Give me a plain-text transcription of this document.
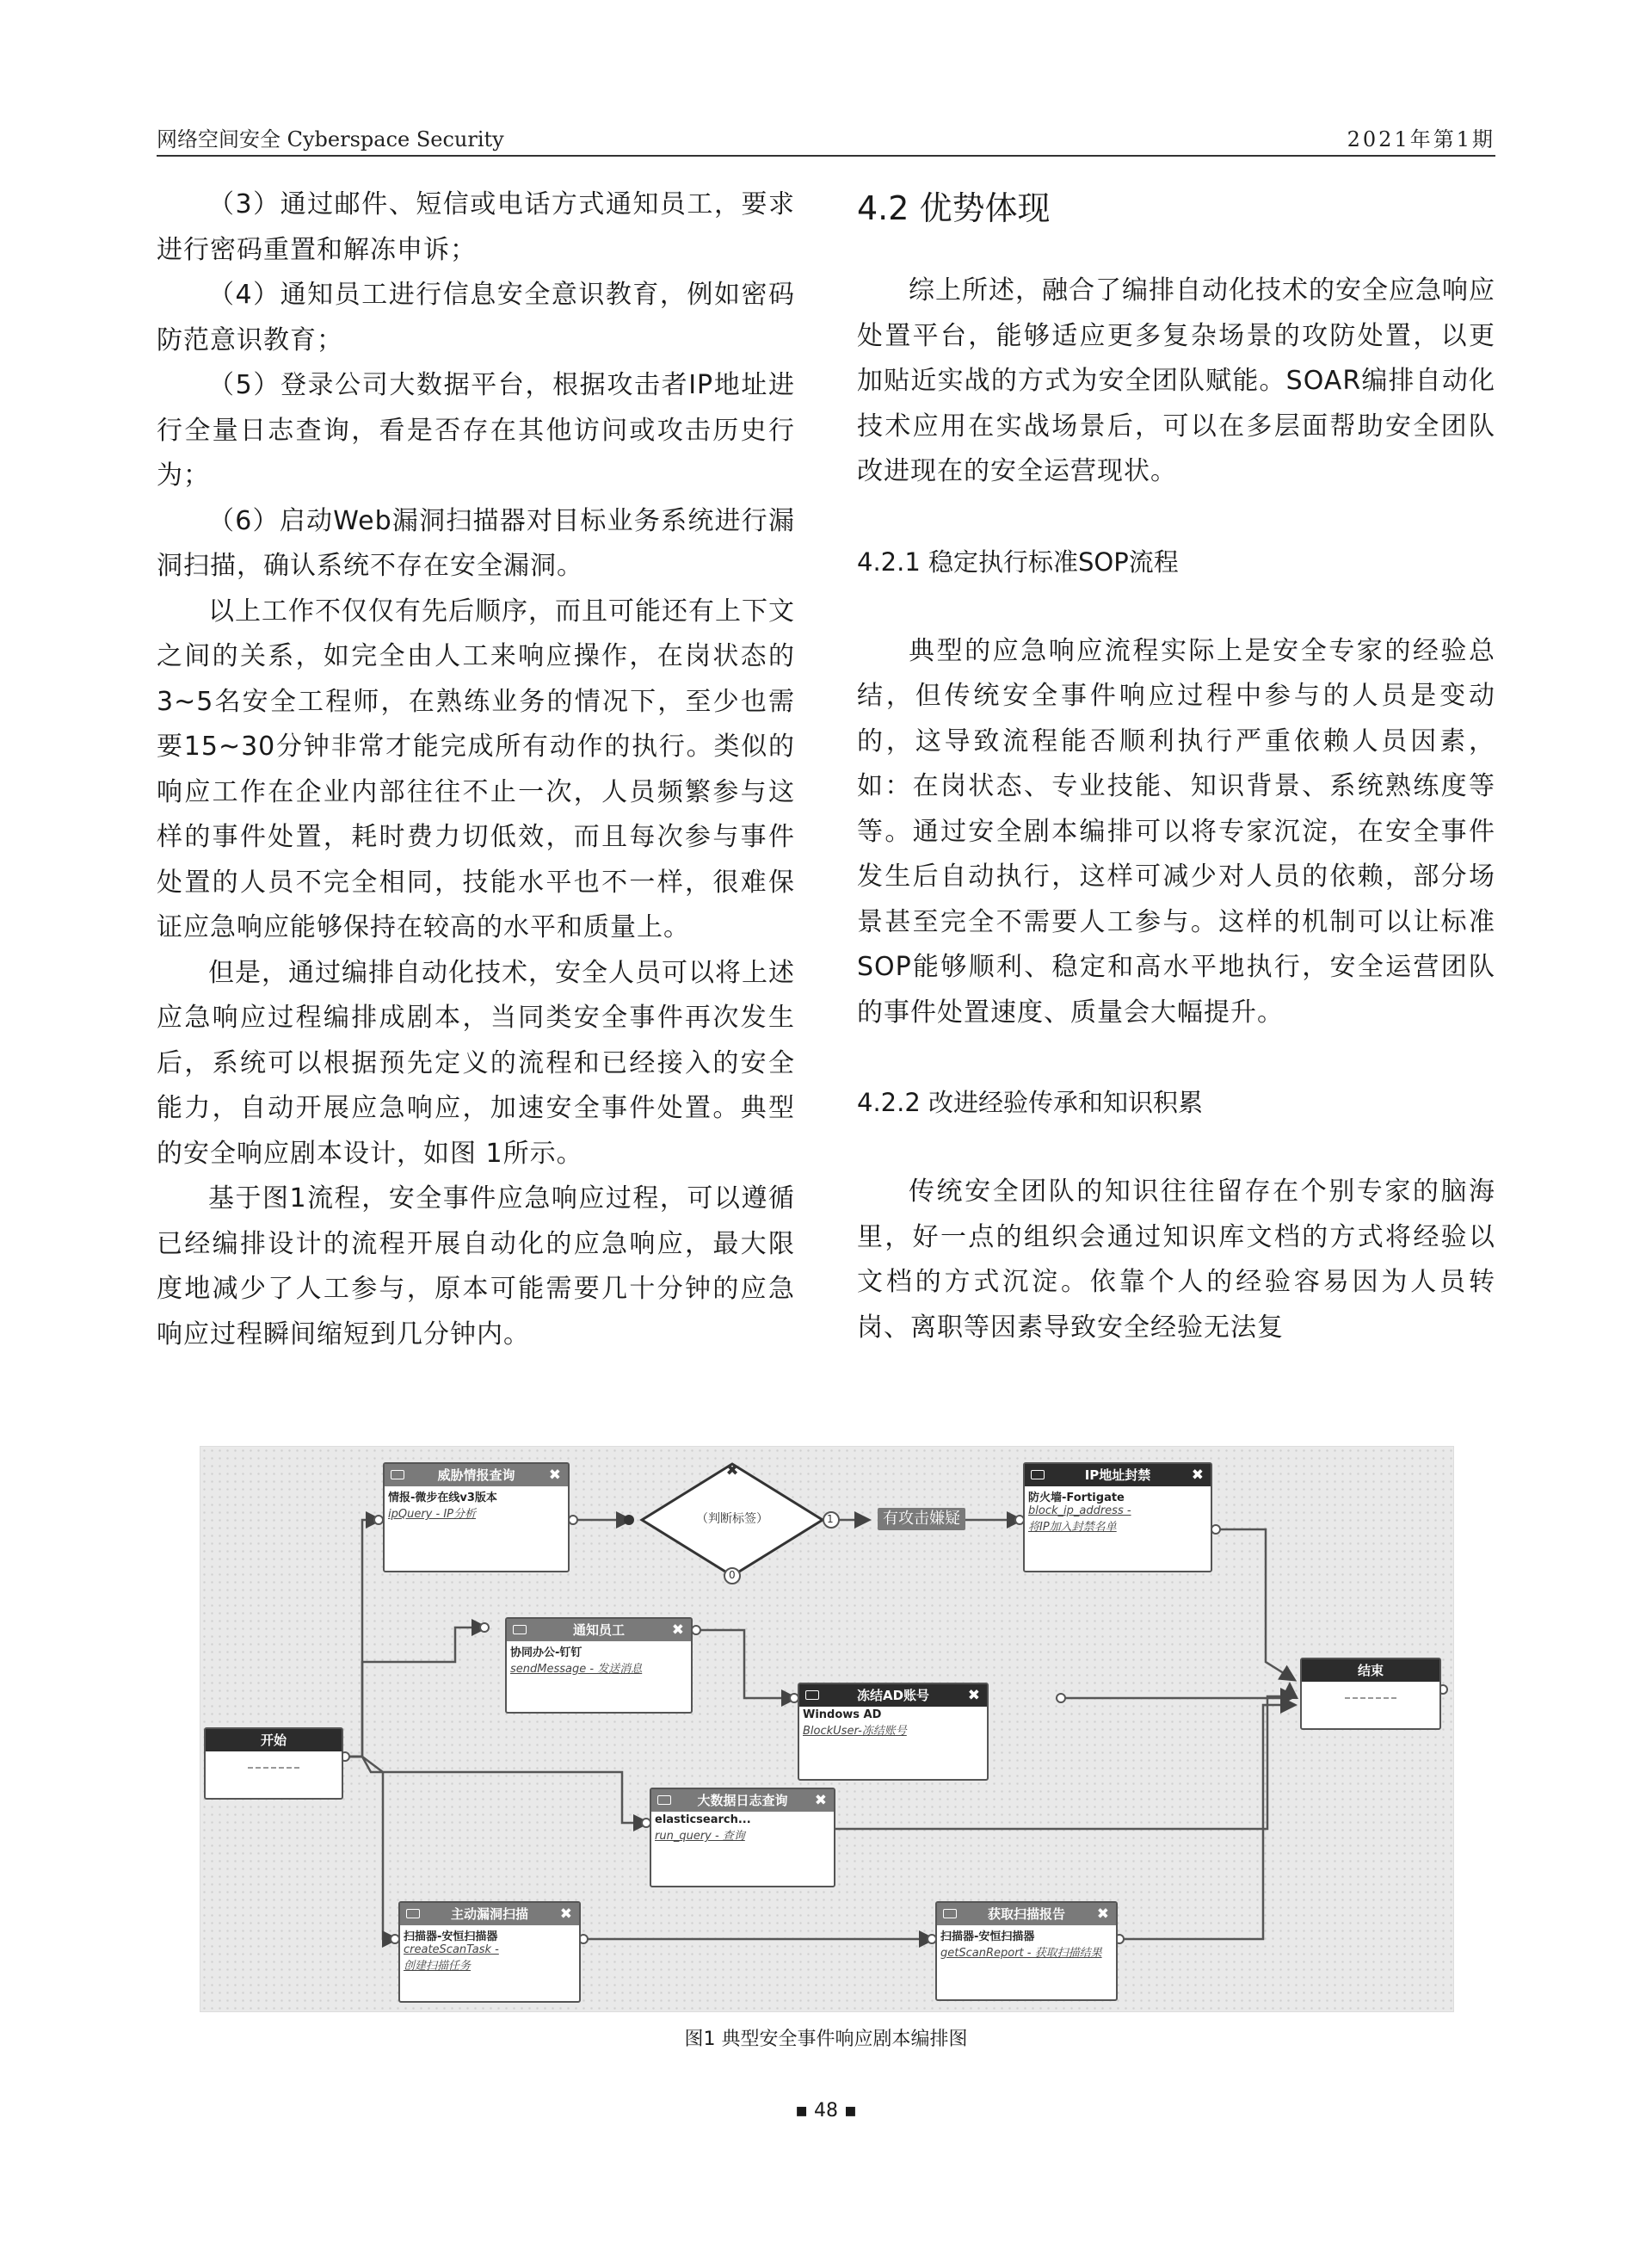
网络空间安全 Cyberspace Security	2021年第1期

（3）通过邮件、短信或电话方式通知员工，要求进行密码重置和解冻申诉；

（4）通知员工进行信息安全意识教育，例如密码防范意识教育；

（5）登录公司大数据平台，根据攻击者IP地址进行全量日志查询，看是否存在其他访问或攻击历史行为；

（6）启动Web漏洞扫描器对目标业务系统进行漏洞扫描，确认系统不存在安全漏洞。

以上工作不仅仅有先后顺序，而且可能还有上下文之间的关系，如完全由人工来响应操作，在岗状态的3~5名安全工程师，在熟练业务的情况下，至少也需要15~30分钟非常才能完成所有动作的执行。类似的响应工作在企业内部往往不止一次，人员频繁参与这样的事件处置，耗时费力切低效，而且每次参与事件处置的人员不完全相同，技能水平也不一样，很难保证应急响应能够保持在较高的水平和质量上。

但是，通过编排自动化技术，安全人员可以将上述应急响应过程编排成剧本，当同类安全事件再次发生后，系统可以根据预先定义的流程和已经接入的安全能力，自动开展应急响应，加速安全事件处置。典型的安全响应剧本设计，如图 1所示。

基于图1流程，安全事件应急响应过程，可以遵循已经编排设计的流程开展自动化的应急响应，最大限度地减少了人工参与，原本可能需要几十分钟的应急响应过程瞬间缩短到几分钟内。

4.2 优势体现

综上所述，融合了编排自动化技术的安全应急响应处置平台，能够适应更多复杂场景的攻防处置，以更加贴近实战的方式为安全团队赋能。SOAR编排自动化技术应用在实战场景后，可以在多层面帮助安全团队改进现在的安全运营现状。

4.2.1 稳定执行标准SOP流程

典型的应急响应流程实际上是安全专家的经验总结，但传统安全事件响应过程中参与的人员是变动的，这导致流程能否顺利执行严重依赖人员因素，如：在岗状态、专业技能、知识背景、系统熟练度等等。通过安全剧本编排可以将专家沉淀，在安全事件发生后自动执行，这样可减少对人员的依赖，部分场景甚至完全不需要人工参与。这样的机制可以让标准SOP能够顺利、稳定和高水平地执行，安全运营团队的事件处置速度、质量会大幅提升。

4.2.2 改进经验传承和知识积累

传统安全团队的知识往往留存在个别专家的脑海里，好一点的组织会通过知识库文档的方式将经验以文档的方式沉淀。依靠个人的经验容易因为人员转岗、离职等因素导致安全经验无法复

✖
（判断标签）	1
0
有攻击嫌疑
威胁情报查询 ✖
情报-微步在线v3版本
ipQuery - IP分析
IP地址封禁	✖
防火墙-Fortigate
block_ip_address -
将IP加入封禁名单
通知员工	✖
协同办公-钉钉
sendMessage - 发送消息
冻结AD账号	✖
Windows AD
BlockUser-冻结账号
开始
结束
大数据日志查询 ✖
elasticsearch...
run_query - 查询
主动漏洞扫描 ✖
扫描器-安恒扫描器
createScanTask -
创建扫描任务
获取扫描报告 ✖
扫描器-安恒扫描器
getScanReport - 获取扫描结果
图1 典型安全事件响应剧本编排图
▪ 48 ▪
